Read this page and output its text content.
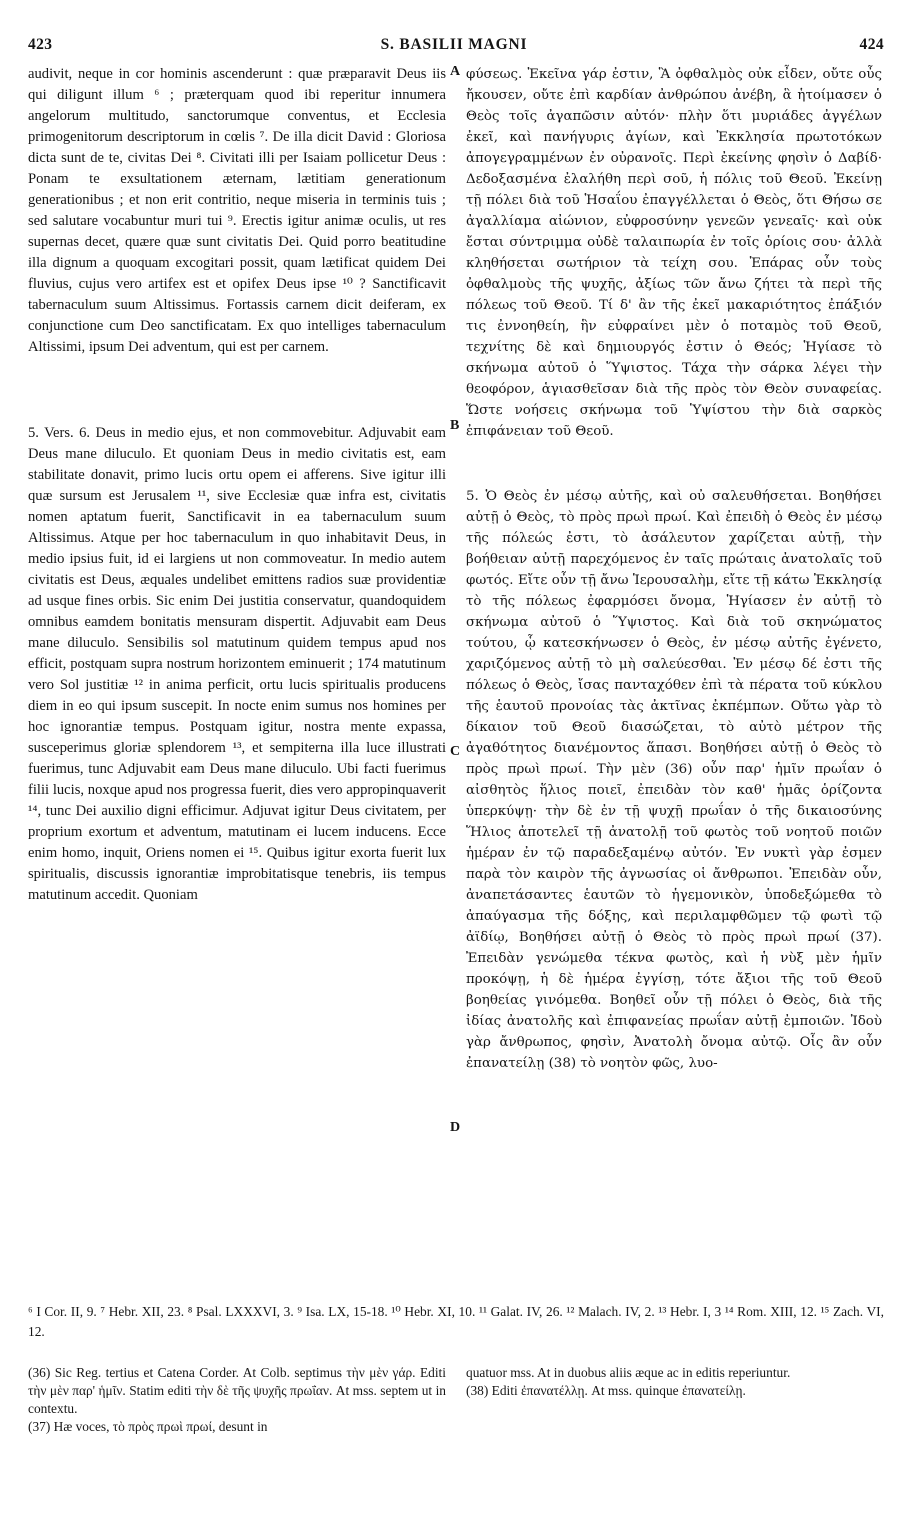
423	S. BASILII MAGNI	424

audivit, neque in cor hominis ascenderunt : quæ præparavit Deus iis qui diligunt illum ⁶ ; præterquam quod ibi reperitur innumera angelorum multitudo, sanctorumque conventus, et Ecclesia primogenitorum descriptorum in cœlis ⁷. De illa dicit David : Gloriosa dicta sunt de te, civitas Dei ⁸. Civitati illi per Isaiam pollicetur Deus : Ponam te exsultationem æternam, lætitiam generationum generationibus ; et non erit contritio, neque miseria in terminis tuis ; sed salutare vocabuntur muri tui ⁹. Erectis igitur animæ oculis, ut res supernas decet, quære quæ sunt civitatis Dei. Quid porro beatitudine illa dignum a quoquam excogitari possit, quam lætificat quidem Dei fluvius, cujus vero artifex est et opifex Deus ipse ¹⁰ ? Sanctificavit tabernaculum suum Altissimus. Fortassis carnem dicit deiferam, ex conjunctione cum Deo sanctificatam. Ex quo intelliges tabernaculum Altissimi, ipsum Dei adventum, qui est per carnem.

5. Vers. 6. Deus in medio ejus, et non commovebitur. Adjuvabit eam Deus mane diluculo. Et quoniam Deus in medio civitatis est, eam stabilitate donavit, primo lucis ortu opem ei afferens. Sive igitur illi quæ sursum est Jerusalem ¹¹, sive Ecclesiæ quæ infra est, civitatis nomen aptatum fuerit, Sanctificavit in ea tabernaculum suum Altissimus. Atque per hoc tabernaculum in quo inhabitavit Deus, in medio ipsius fuit, id ei largiens ut non commoveatur. In medio autem civitatis est Deus, æquales undelibet emittens radios suæ providentiæ ad usque fines orbis. Sic enim Dei justitia conservatur, quandoquidem omnibus eamdem bonitatis mensuram dispertit. Adjuvabit eam Deus mane diluculo. Sensibilis sol matutinum quidem tempus apud nos efficit, postquam supra nostrum horizontem eminuerit ; 174 matutinum vero Sol justitiæ ¹² in anima perficit, ortu lucis spiritualis producens diem in eo qui ipsum suscepit. In nocte enim sumus nos homines per hoc ignorantiæ tempus. Postquam igitur, nostra mente expassa, susceperimus gloriæ splendorem ¹³, et sempiterna illa luce illustrati fuerimus, tunc Adjuvabit eam Deus mane diluculo. Ubi facti fuerimus filii lucis, noxque apud nos progressa fuerit, dies vero appropinquaverit ¹⁴, tunc Dei auxilio digni efficimur. Adjuvat igitur Deus civitatem, per proprium exortum et adventum, matutinam ei lucem inducens. Ecce enim homo, inquit, Oriens nomen ei ¹⁵. Quibus igitur exorta fuerit lux spiritualis, discussis ignorantiæ improbitatisque tenebris, iis tempus matutinum accedit. Quoniam

φύσεως. Ἐκεῖνα γάρ ἐστιν, Ἃ ὀφθαλμὸς οὐκ εἶδεν, οὔτε οὖς ἤκουσεν, οὔτε ἐπὶ καρδίαν ἀνθρώπου ἀνέβη, ἃ ἡτοίμασεν ὁ Θεὸς τοῖς ἀγαπῶσιν αὐτόν· πλὴν ὅτι μυριάδες ἀγγέλων ἐκεῖ, καὶ πανήγυρις ἁγίων, καὶ Ἐκκλησία πρωτοτόκων ἀπογεγραμμένων ἐν οὐρανοῖς. Περὶ ἐκείνης φησὶν ὁ Δαβίδ· Δεδοξασμένα ἐλαλήθη περὶ σοῦ, ἡ πόλις τοῦ Θεοῦ. Ἐκείνῃ τῇ πόλει διὰ τοῦ Ἡσαΐου ἐπαγγέλλεται ὁ Θεὸς, ὅτι Θήσω σε ἀγαλλίαμα αἰώνιον, εὐφροσύνην γενεῶν γενεαῖς· καὶ οὐκ ἔσται σύντριμμα οὐδὲ ταλαιπωρία ἐν τοῖς ὁρίοις σου· ἀλλὰ κληθήσεται σωτήριον τὰ τείχη σου. Ἐπάρας οὖν τοὺς ὀφθαλμοὺς τῆς ψυχῆς, ἀξίως τῶν ἄνω ζήτει τὰ περὶ τῆς πόλεως τοῦ Θεοῦ. Τί δ' ἂν τῆς ἐκεῖ μακαριότητος ἐπάξιόν τις ἐννοηθείη, ἣν εὐφραίνει μὲν ὁ ποταμὸς τοῦ Θεοῦ, τεχνίτης δὲ καὶ δημιουργός ἐστιν ὁ Θεός; Ἡγίασε τὸ σκήνωμα αὐτοῦ ὁ Ὕψιστος. Τάχα τὴν σάρκα λέγει τὴν θεοφόρον, ἁγιασθεῖσαν διὰ τῆς πρὸς τὸν Θεὸν συναφείας. Ὥστε νοήσεις σκήνωμα τοῦ Ὑψίστου τὴν διὰ σαρκὸς ἐπιφάνειαν τοῦ Θεοῦ.

5. Ὁ Θεὸς ἐν μέσῳ αὐτῆς, καὶ οὐ σαλευθήσεται. Βοηθήσει αὐτῇ ὁ Θεὸς, τὸ πρὸς πρωὶ πρωί. Καὶ ἐπειδὴ ὁ Θεὸς ἐν μέσῳ τῆς πόλεώς ἐστι, τὸ ἀσάλευτον χαρίζεται αὐτῇ, τὴν βοήθειαν αὐτῇ παρεχόμενος ἐν ταῖς πρώταις ἀνατολαῖς τοῦ φωτός. Εἴτε οὖν τῇ ἄνω Ἱερουσαλὴμ, εἴτε τῇ κάτω Ἐκκλησίᾳ τὸ τῆς πόλεως ἐφαρμόσει ὄνομα, Ἡγίασεν ἐν αὐτῇ τὸ σκήνωμα αὐτοῦ ὁ Ὕψιστος. Καὶ διὰ τοῦ σκηνώματος τούτου, ᾧ κατεσκήνωσεν ὁ Θεὸς, ἐν μέσῳ αὐτῆς ἐγένετο, χαριζόμενος αὐτῇ τὸ μὴ σαλεύεσθαι. Ἐν μέσῳ δέ ἐστι τῆς πόλεως ὁ Θεὸς, ἴσας πανταχόθεν ἐπὶ τὰ πέρατα τοῦ κύκλου τῆς ἑαυτοῦ προνοίας τὰς ἀκτῖνας ἐκπέμπων. Οὕτω γὰρ τὸ δίκαιον τοῦ Θεοῦ διασώζεται, τὸ αὐτὸ μέτρον τῆς ἀγαθότητος διανέμοντος ἅπασι. Βοηθήσει αὐτῇ ὁ Θεὸς τὸ πρὸς πρωὶ πρωί. Τὴν μὲν (36) οὖν παρ' ἡμῖν πρωΐαν ὁ αἰσθητὸς ἥλιος ποιεῖ, ἐπειδὰν τὸν καθ' ἡμᾶς ὁρίζοντα ὑπερκύψῃ· τὴν δὲ ἐν τῇ ψυχῇ πρωΐαν ὁ τῆς δικαιοσύνης Ἥλιος ἀποτελεῖ τῇ ἀνατολῇ τοῦ φωτὸς τοῦ νοητοῦ ποιῶν ἡμέραν ἐν τῷ παραδεξαμένῳ αὐτόν. Ἐν νυκτὶ γὰρ ἐσμεν παρὰ τὸν καιρὸν τῆς ἀγνωσίας οἱ ἄνθρωποι. Ἐπειδὰν οὖν, ἀναπετάσαντες ἑαυτῶν τὸ ἡγεμονικὸν, ὑποδεξώμεθα τὸ ἀπαύγασμα τῆς δόξης, καὶ περιλαμφθῶμεν τῷ φωτὶ τῷ ἀϊδίῳ, Βοηθήσει αὐτῇ ὁ Θεὸς τὸ πρὸς πρωὶ πρωί (37). Ἐπειδὰν γενώμεθα τέκνα φωτὸς, καὶ ἡ νὺξ μὲν ἡμῖν προκόψῃ, ἡ δὲ ἡμέρα ἐγγίσῃ, τότε ἄξιοι τῆς τοῦ Θεοῦ βοηθείας γινόμεθα. Βοηθεῖ οὖν τῇ πόλει ὁ Θεὸς, διὰ τῆς ἰδίας ἀνατολῆς καὶ ἐπιφανείας πρωΐαν αὐτῇ ἐμποιῶν. Ἰδοὺ γὰρ ἄνθρωπος, φησὶν, Ἀνατολὴ ὄνομα αὐτῷ. Οἷς ἂν οὖν ἐπανατείλῃ (38) τὸ νοητὸν φῶς, λυο-

A
B
C
D

⁶ I Cor. II, 9. ⁷ Hebr. XII, 23. ⁸ Psal. LXXXVI, 3. ⁹ Isa. LX, 15-18. ¹⁰ Hebr. XI, 10. ¹¹ Galat. IV, 26. ¹² Malach. IV, 2. ¹³ Hebr. I, 3 ¹⁴ Rom. XIII, 12. ¹⁵ Zach. VI, 12.

(36) Sic Reg. tertius et Catena Corder. At Colb. septimus τὴν μὲν γάρ. Editi τὴν μὲν παρ' ἡμῖν. Statim editi τὴν δὲ τῆς ψυχῆς πρωΐαν. At mss. septem ut in contextu.

(37) Hæ voces, τὸ πρὸς πρωὶ πρωί, desunt in

quatuor mss. At in duobus aliis æque ac in editis reperiuntur.

(38) Editi ἐπανατέλλῃ. At mss. quinque ἐπανατείλῃ.
